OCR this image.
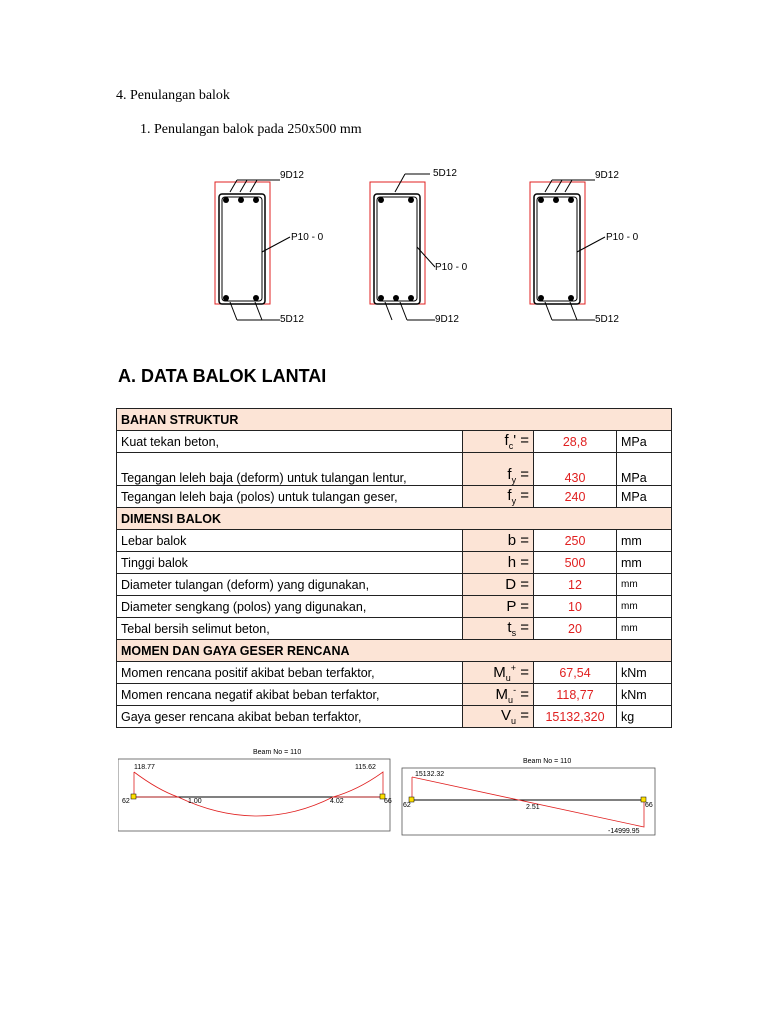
4. Penulangan balok
1. Penulangan balok pada 250x500 mm
9D12
5D12
P10 - 0
5D12
9D12
P10 - 0
9D12
5D12
P10 - 0
A. DATA BALOK LANTAI
BAHAN STRUKTUR			
Kuat tekan beton,	$f_c'$ =	28,8	MPa
Tegangan leleh baja (deform) untuk tulangan lentur,	$f_y$ =	430	MPa
Tegangan leleh baja (polos) untuk tulangan geser,	$f_y$ =	240	MPa
DIMENSI BALOK			
Lebar balok	b =	250	mm
Tinggi balok	h =	500	mm
Diameter tulangan (deform) yang digunakan,	D =	12	mm
Diameter sengkang (polos) yang digunakan,	P =	10	mm
Tebal bersih selimut beton,	$t_s$ =	20	mm
MOMEN DAN GAYA GESER RENCANA			
Momen rencana positif akibat beban terfaktor,	$M_u^+$ =	67,54	kNm
Momen rencana negatif akibat beban terfaktor,	$M_u^-$ =	118,77	kNm
Gaya geser rencana akibat beban terfaktor,	$V_u$ =	15132,320	kg
Beam No = 110
118.77	115.62
62	66
1.00	4.02
Beam No = 110
15132.32
-14999.95
62	66
2.51
